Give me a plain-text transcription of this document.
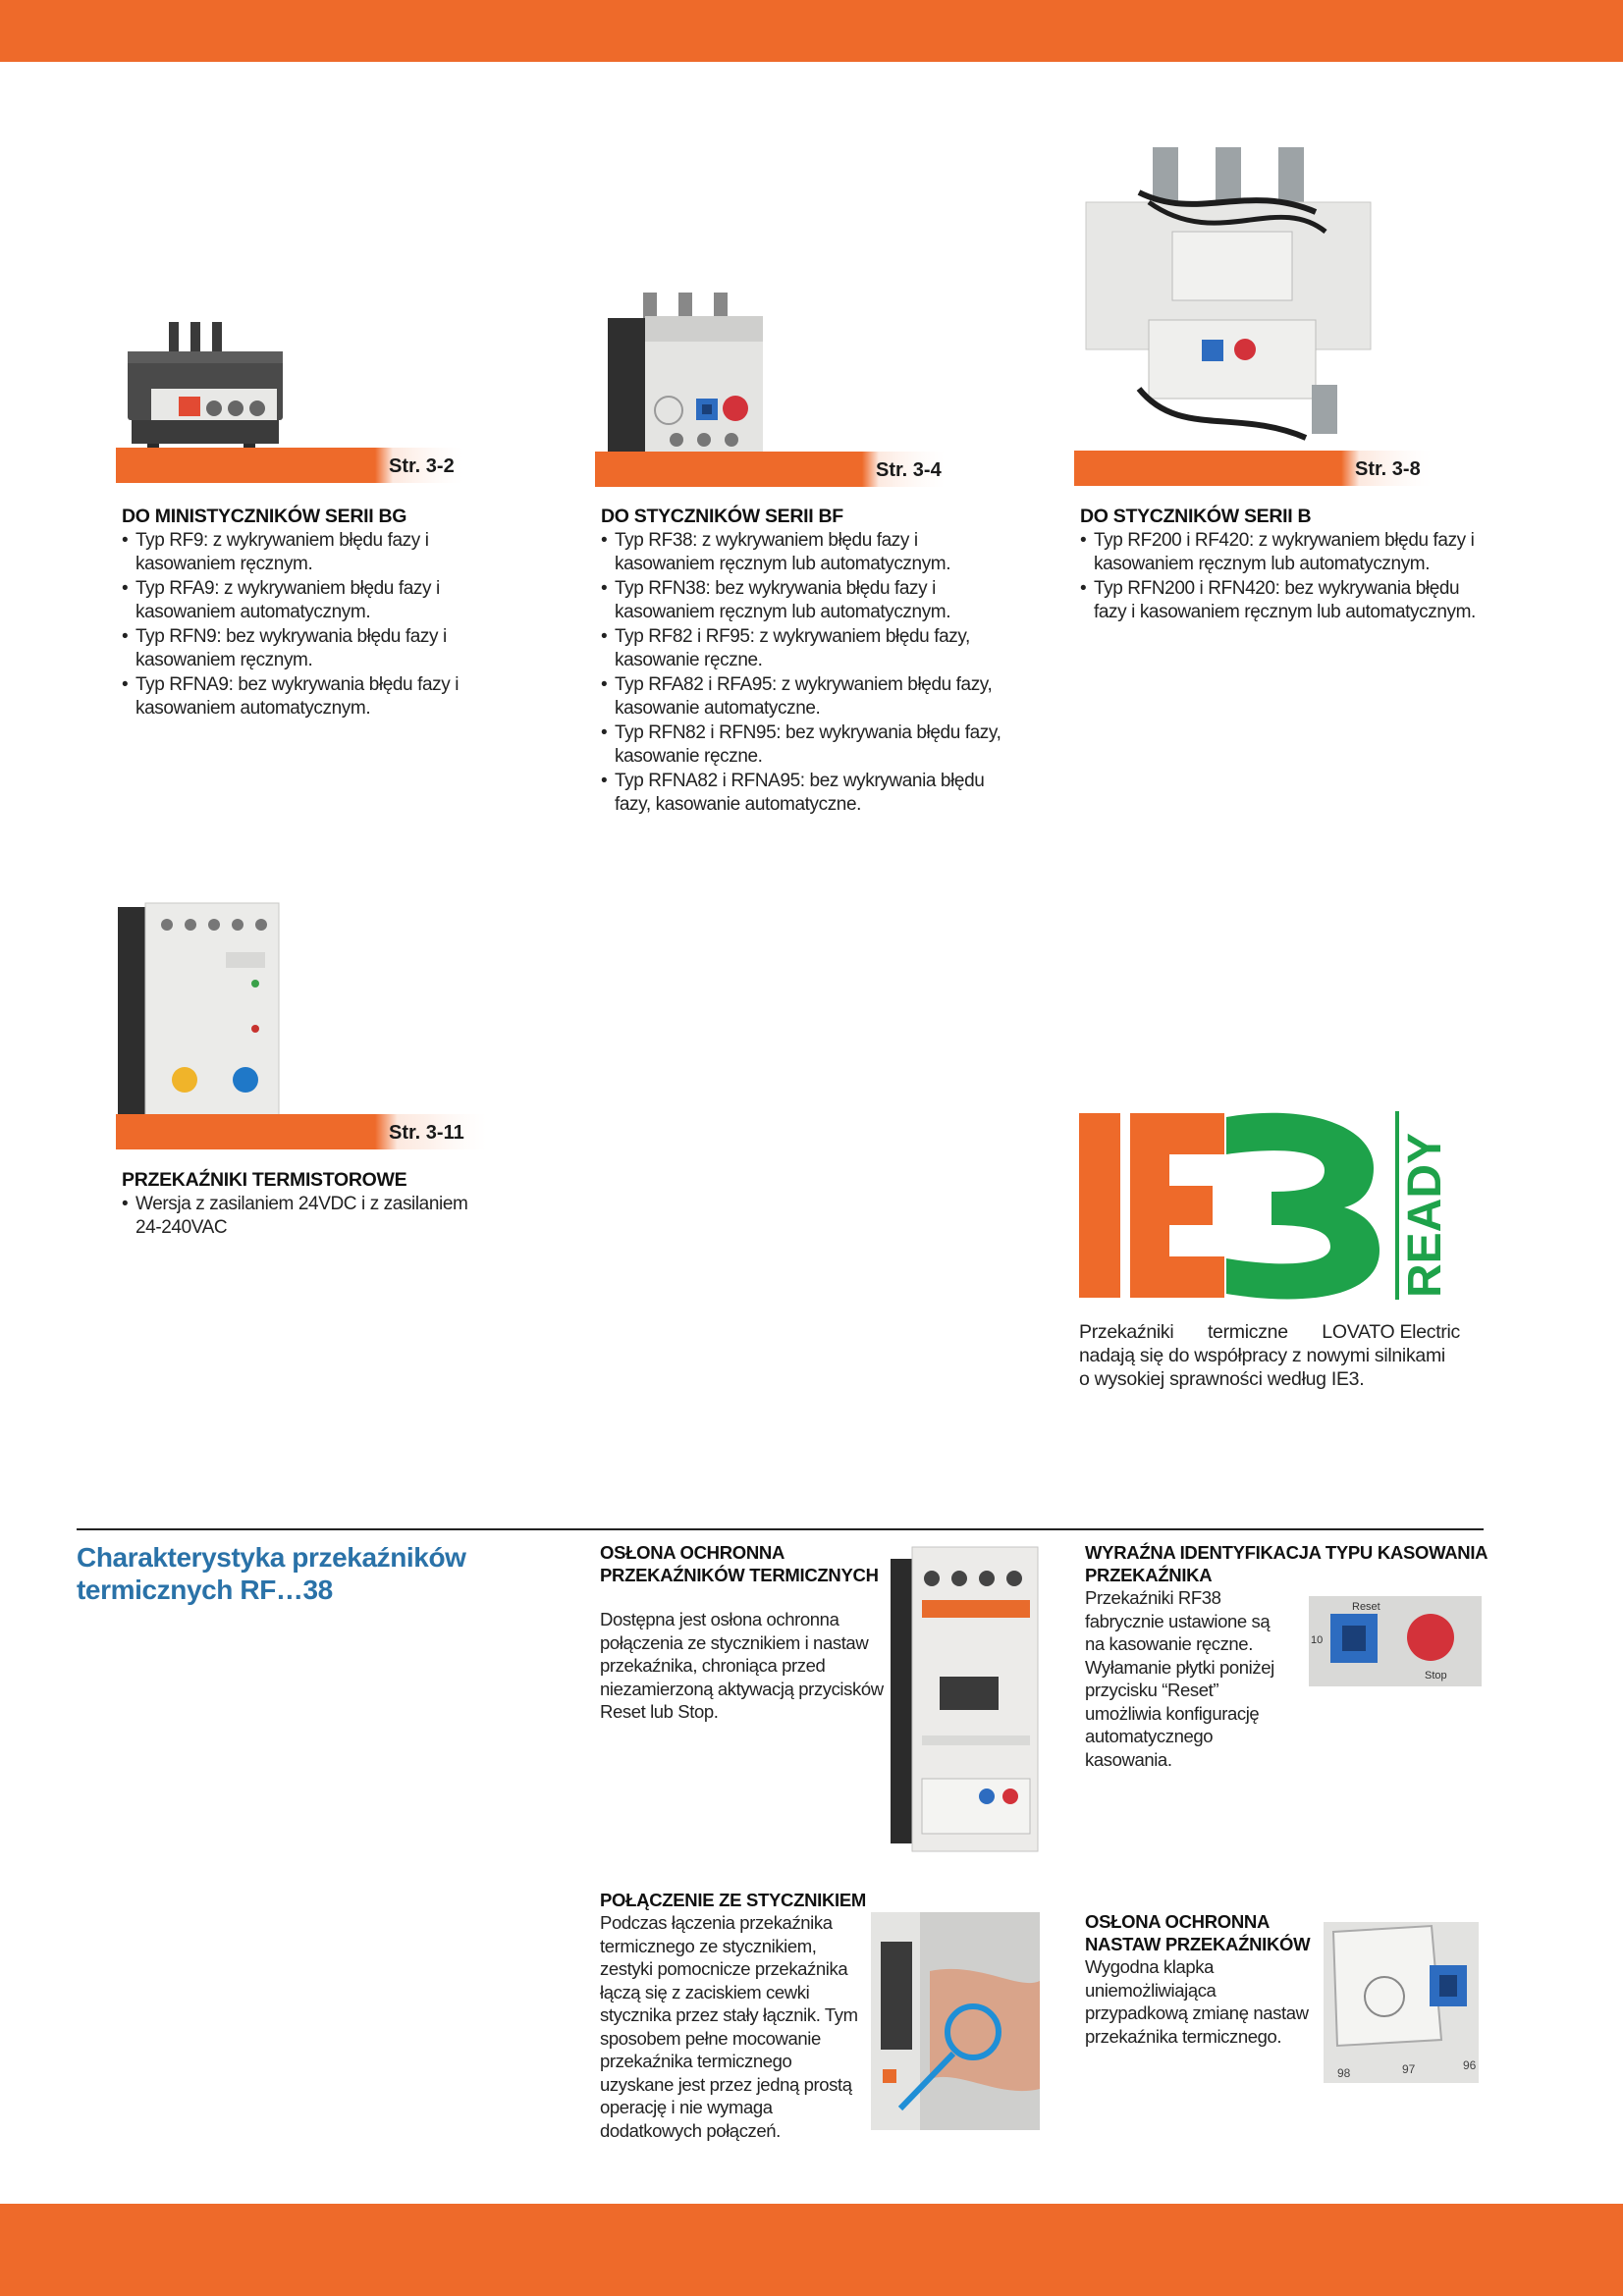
Str. 3-2	Str. 3-4	Str. 3-8
Str. 3-11
DO MINISTYCZNIKÓW SERII BG
• Typ RF9: z wykrywaniem błędu fazy i kasowaniem ręcznym.
• Typ RFA9: z wykrywaniem błędu fazy i kasowaniem automatycznym.
• Typ RFN9: bez wykrywania błędu fazy i kasowaniem ręcznym.
• Typ RFNA9: bez wykrywania błędu fazy i kasowaniem automatycznym.
DO STYCZNIKÓW SERII BF
• Typ RF38: z wykrywaniem błędu fazy i kasowaniem ręcznym lub automatycznym.
• Typ RFN38: bez wykrywania błędu fazy i kasowaniem ręcznym lub automatycznym.
• Typ RF82 i RF95: z wykrywaniem błędu fazy, kasowanie ręczne.
• Typ RFA82 i RFA95: z wykrywaniem błędu fazy, kasowanie automatyczne.
• Typ RFN82 i RFN95: bez wykrywania błędu fazy, kasowanie ręczne.
• Typ RFNA82 i RFNA95: bez wykrywania błędu fazy, kasowanie automatyczne.
DO STYCZNIKÓW SERII B
• Typ RF200 i RF420: z wykrywaniem błędu fazy i kasowaniem ręcznym lub automatycznym.
• Typ RFN200 i RFN420: bez wykrywania błędu fazy i kasowaniem ręcznym lub automatycznym.
PRZEKAŹNIKI TERMISTOROWE
• Wersja z zasilaniem 24VDC i z zasilaniem 24-240VAC	READY
Przekaźniki termiczne LOVATO Electric
nadają się do współpracy z nowymi silnikami o wysokiej sprawności według IE3.
Charakterystyka przekaźników termicznych RF…38
OSŁONA OCHRONNA PRZEKAŹNIKÓW TERMICZNYCH

Dostępna jest osłona ochronna połączenia ze stycznikiem i nastaw przekaźnika, chroniąca przed niezamierzoną aktywacją przycisków Reset lub Stop.

WYRAŹNA IDENTYFIKACJA TYPU KASOWANIA PRZEKAŹNIKA

Przekaźniki RF38 fabrycznie ustawione są na kasowanie ręczne. Wyłamanie płytki poniżej przycisku “Reset” umożliwia konfigurację automatycznego kasowania.

Reset
10
Stop
POŁĄCZENIE ZE STYCZNIKIEM

Podczas łączenia przekaźnika termicznego ze stycznikiem, zestyki pomocnicze przekaźnika łączą się z zaciskiem cewki stycznika przez stały łącznik. Tym sposobem pełne mocowanie przekaźnika termicznego uzyskane jest przez jedną prostą operację i nie wymaga dodatkowych połączeń.

OSŁONA OCHRONNA NASTAW PRZEKAŹNIKÓW

Wygodna klapka uniemożliwiająca przypadkową zmianę nastaw przekaźnika termicznego.

98	97	96
